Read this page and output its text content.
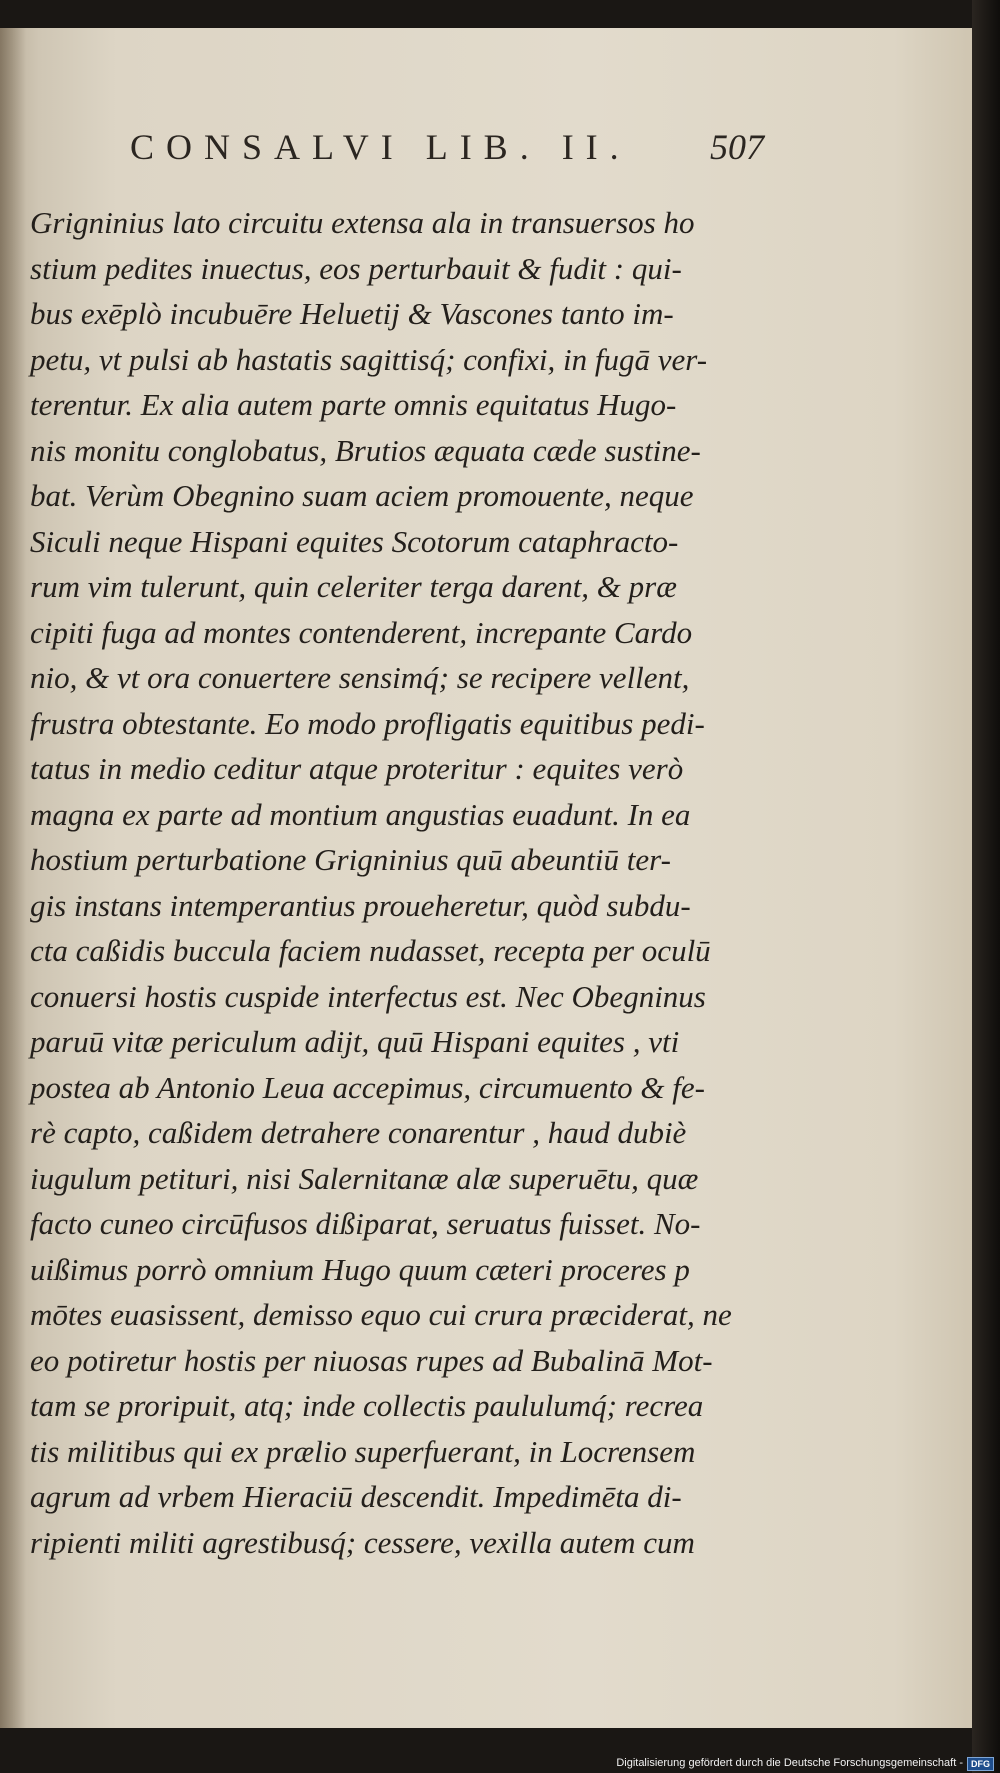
CONSALVI LIB. II. 507
Grigninius lato circuitu extensa ala in transuersos ho
stium pedites inuectus, eos perturbauit & fudit : qui-
bus exēplò incubuēre Heluetij & Vascones tanto im-
petu, vt pulsi ab hastatis sagittisq́; confixi, in fugā ver-
terentur. Ex alia autem parte omnis equitatus Hugo-
nis monitu conglobatus, Brutios æquata cæde sustine-
bat. Verùm Obegnino suam aciem promouente, neque
Siculi neque Hispani equites Scotorum cataphracto-
rum vim tulerunt, quin celeriter terga darent, & præ
cipiti fuga ad montes contenderent, increpante Cardo
nio, & vt ora conuertere sensimq́; se recipere vellent,
frustra obtestante. Eo modo profligatis equitibus pedi-
tatus in medio ceditur atque proteritur : equites verò
magna ex parte ad montium angustias euadunt. In ea
hostium perturbatione Grigninius quū abeuntiū ter-
gis instans intemperantius proueheretur, quòd subdu-
cta caßidis buccula faciem nudasset, recepta per oculū
conuersi hostis cuspide interfectus est. Nec Obegninus
paruū vitæ periculum adijt, quū Hispani equites , vti
postea ab Antonio Leua accepimus, circumuento & fe-
rè capto, caßidem detrahere conarentur , haud dubiè
iugulum petituri, nisi Salernitanæ alæ superuētu, quæ
facto cuneo circūfusos dißiparat, seruatus fuisset. No-
uißimus porrò omnium Hugo quum cæteri proceres p
mōtes euasissent, demisso equo cui crura præciderat, ne
eo potiretur hostis per niuosas rupes ad Bubalinā Mot-
tam se proripuit, atq; inde collectis paululumq́; recrea
tis militibus qui ex prælio superfuerant, in Locrensem
agrum ad vrbem Hieraciū descendit. Impedimēta di-
ripienti militi agrestibusq́; cessere, vexilla autem cum
Digitalisierung gefördert durch die Deutsche Forschungsgemeinschaft - DFG
